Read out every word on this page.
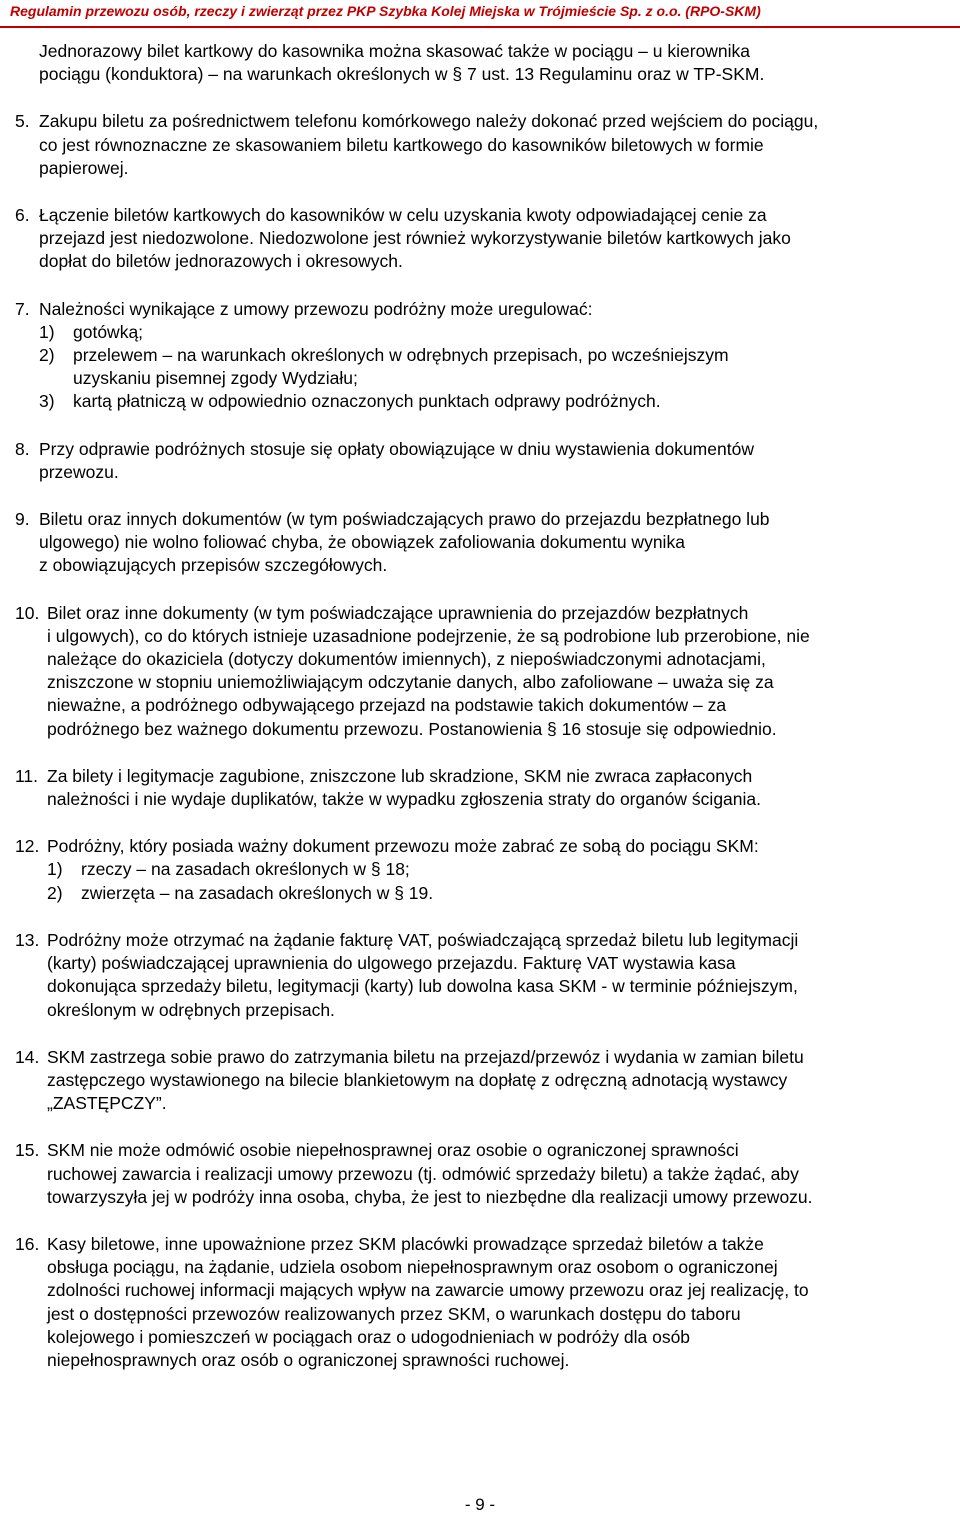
Regulamin przewozu osób, rzeczy i zwierząt przez PKP Szybka Kolej Miejska w Trójmieście Sp. z o.o. (RPO-SKM)
Jednorazowy bilet kartkowy do kasownika można skasować także w pociągu – u kierownika
pociągu (konduktora) – na warunkach określonych w § 7 ust. 13 Regulaminu oraz w TP-SKM.
5. Zakupu biletu za pośrednictwem telefonu komórkowego należy dokonać przed wejściem do pociągu,
co jest równoznaczne ze skasowaniem biletu kartkowego do kasowników biletowych w formie
papierowej.
6. Łączenie biletów kartkowych do kasowników w celu uzyskania kwoty odpowiadającej cenie za
przejazd jest niedozwolone. Niedozwolone jest również wykorzystywanie biletów kartkowych jako
dopłat do biletów jednorazowych i okresowych.
7. Należności wynikające z umowy przewozu podróżny może uregulować:
1)	gotówką;
2)	przelewem – na warunkach określonych w odrębnych przepisach, po wcześniejszym
uzyskaniu pisemnej zgody Wydziału;
3)	kartą płatniczą w odpowiednio oznaczonych punktach odprawy podróżnych.
8. Przy odprawie podróżnych stosuje się opłaty obowiązujące w dniu wystawienia dokumentów
przewozu.
9. Biletu oraz innych dokumentów (w tym poświadczających prawo do przejazdu bezpłatnego lub
ulgowego) nie wolno foliować chyba, że obowiązek zafoliowania dokumentu wynika
z obowiązujących przepisów szczegółowych.
10. Bilet oraz inne dokumenty (w tym poświadczające uprawnienia do przejazdów bezpłatnych
i ulgowych), co do których istnieje uzasadnione podejrzenie, że są podrobione lub przerobione, nie
należące do okaziciela (dotyczy dokumentów imiennych), z niepoświadczonymi adnotacjami,
zniszczone w stopniu uniemożliwiającym odczytanie danych, albo zafoliowane – uważa się za
nieważne, a podróżnego odbywającego przejazd na podstawie takich dokumentów – za
podróżnego bez ważnego dokumentu przewozu. Postanowienia § 16 stosuje się odpowiednio.
11. Za bilety i legitymacje zagubione, zniszczone lub skradzione, SKM nie zwraca zapłaconych
należności i nie wydaje duplikatów, także w wypadku zgłoszenia straty do organów ścigania.
12. Podróżny, który posiada ważny dokument przewozu może zabrać ze sobą do pociągu SKM:
1)	rzeczy – na zasadach określonych w § 18;
2)	zwierzęta – na zasadach określonych w § 19.
13. Podróżny może otrzymać na żądanie fakturę VAT, poświadczającą sprzedaż biletu lub legitymacji
(karty) poświadczającej uprawnienia do ulgowego przejazdu. Fakturę VAT wystawia kasa
dokonująca sprzedaży biletu, legitymacji (karty) lub dowolna kasa SKM - w terminie późniejszym,
określonym w odrębnych przepisach.
14. SKM zastrzega sobie prawo do zatrzymania biletu na przejazd/przewóz i wydania w zamian biletu
zastępczego wystawionego na bilecie blankietowym na dopłatę z odręczną adnotacją wystawcy
„ZASTĘPCZY”.
15. SKM nie może odmówić osobie niepełnosprawnej oraz osobie o ograniczonej sprawności
ruchowej zawarcia i realizacji umowy przewozu (tj. odmówić sprzedaży biletu) a także żądać, aby
towarzyszyła jej w podróży inna osoba, chyba, że jest to niezbędne dla realizacji umowy przewozu.
16. Kasy biletowe, inne upoważnione przez SKM placówki prowadzące sprzedaż biletów a także
obsługa pociągu, na żądanie, udziela osobom niepełnosprawnym oraz osobom o ograniczonej
zdolności ruchowej informacji mających wpływ na zawarcie umowy przewozu oraz jej realizację, to
jest o dostępności przewozów realizowanych przez SKM, o warunkach dostępu do taboru
kolejowego i pomieszczeń w pociągach oraz o udogodnieniach w podróży dla osób
niepełnosprawnych oraz osób o ograniczonej sprawności ruchowej.
- 9 -
